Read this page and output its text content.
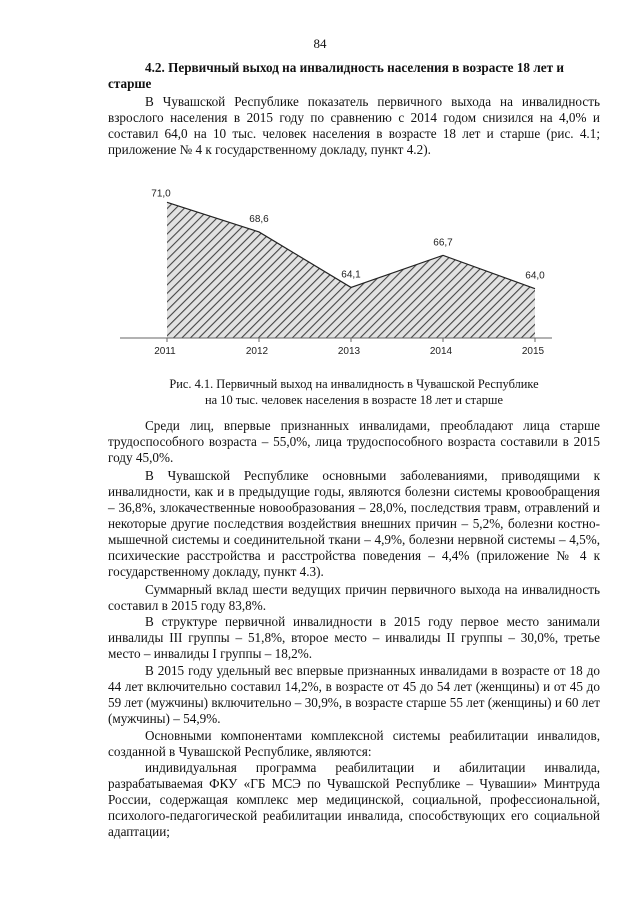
84
4.2. Первичный выход на инвалидность населения в возрасте 18 лет и старше
В Чувашской Республике показатель первичного выхода на инвалидность взрослого населения в 2015 году по сравнению с 2014 годом снизился на 4,0% и составил 64,0 на 10 тыс. человек населения в возрасте 18 лет и старше (рис. 4.1; приложение № 4 к государственному докладу, пункт 4.2).
2011
71,0
2012
68,6
2013
64,1
2014
66,7
2015
64,0
Рис. 4.1. Первичный выход на инвалидность в Чувашской Республике
на 10 тыс. человек населения в возрасте 18 лет и старше
Среди лиц, впервые признанных инвалидами, преобладают лица старше трудоспособного возраста – 55,0%, лица трудоспособного возраста составили в 2015 году 45,0%.
В Чувашской Республике основными заболеваниями, приводящими к инвалидности, как и в предыдущие годы, являются болезни системы кровообращения – 36,8%, злокачественные новообразования – 28,0%, последствия травм, отравлений и некоторые другие последствия воздействия внешних причин – 5,2%, болезни костно-мышечной системы и соединительной ткани – 4,9%, болезни нервной системы – 4,5%, психические расстройства и расстройства поведения – 4,4% (приложение № 4 к государственному докладу, пункт 4.3).
Суммарный вклад шести ведущих причин первичного выхода на инвалидность составил в 2015 году 83,8%.
В структуре первичной инвалидности в 2015 году первое место занимали инвалиды III группы – 51,8%, второе место – инвалиды II группы – 30,0%, третье место – инвалиды I группы – 18,2%.
В 2015 году удельный вес впервые признанных инвалидами в возрасте от 18 до 44 лет включительно составил 14,2%, в возрасте от 45 до 54 лет (женщины) и от 45 до 59 лет (мужчины) включительно – 30,9%, в возрасте старше 55 лет (женщины) и 60 лет (мужчины) – 54,9%.
Основными компонентами комплексной системы реабилитации инвалидов, созданной в Чувашской Республике, являются:
индивидуальная программа реабилитации и абилитации инвалида, разрабатываемая ФКУ «ГБ МСЭ по Чувашской Республике – Чувашии» Минтруда России, содержащая комплекс мер медицинской, социальной, профессиональной, психолого-педагогической реабилитации инвалида, способствующих его социальной адаптации;
